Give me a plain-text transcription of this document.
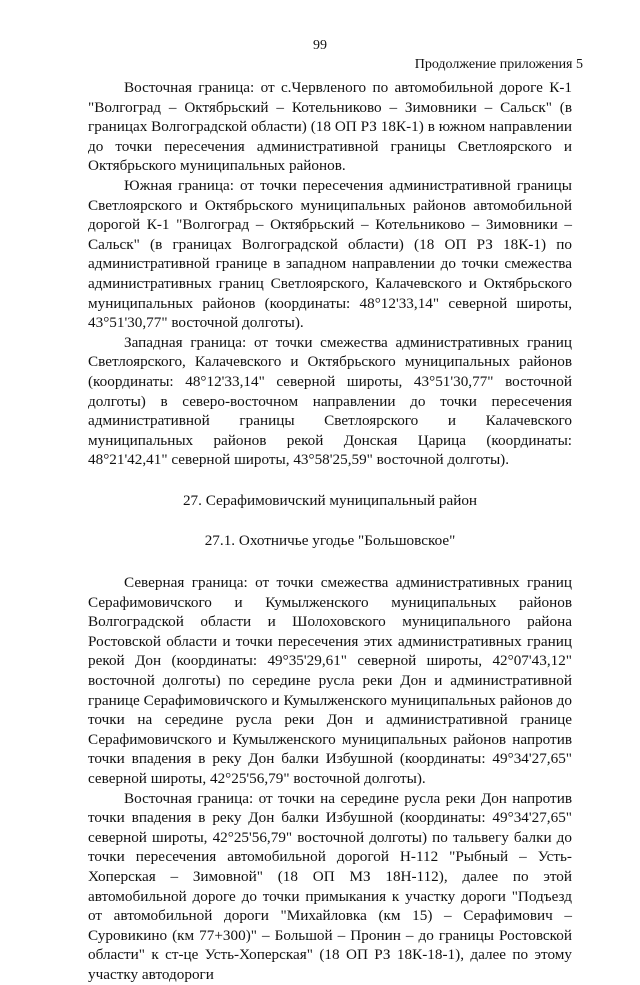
99
Продолжение приложения 5

Восточная граница: от с.Червленого по автомобильной дороге К-1 "Волгоград – Октябрьский – Котельниково – Зимовники – Сальск" (в границах Волгоградской области) (18 ОП РЗ 18К-1) в южном направлении до точки пересечения административной границы Светлоярского и Октябрьского муниципальных районов.

Южная граница: от точки пересечения административной границы Светлоярского и Октябрьского муниципальных районов автомобильной дорогой К-1 "Волгоград – Октябрьский – Котельниково – Зимовники – Сальск" (в границах Волгоградской области) (18 ОП РЗ 18К-1) по административной границе в западном направлении до точки смежества административных границ Светлоярского, Калачевского и Октябрьского муниципальных районов (координаты: 48°12'33,14" северной широты, 43°51'30,77" восточной долготы).

Западная граница: от точки смежества административных границ Светлоярского, Калачевского и Октябрьского муниципальных районов (координаты: 48°12'33,14" северной широты, 43°51'30,77" восточной долготы) в северо-восточном направлении до точки пересечения административной границы Светлоярского и Калачевского муниципальных районов рекой Донская Царица (координаты: 48°21'42,41" северной широты, 43°58'25,59" восточной долготы).

27. Серафимовичский муниципальный район

27.1. Охотничье угодье "Большовское"

Северная граница: от точки смежества административных границ Серафимовичского и Кумылженского муниципальных районов Волгоградской области и Шолоховского муниципального района Ростовской области и точки пересечения этих административных границ рекой Дон (координаты: 49°35'29,61" северной широты, 42°07'43,12" восточной долготы) по середине русла реки Дон и административной границе Серафимовичского и Кумылженского муниципальных районов до точки на середине русла реки Дон и административной границе Серафимовичского и Кумылженского муниципальных районов напротив точки впадения в реку Дон балки Избушной (координаты: 49°34'27,65" северной широты, 42°25'56,79" восточной долготы).

Восточная граница: от точки на середине русла реки Дон напротив точки впадения в реку Дон балки Избушной (координаты: 49°34'27,65" северной широты, 42°25'56,79" восточной долготы) по тальвегу балки до точки пересечения автомобильной дорогой Н-112 "Рыбный – Усть-Хоперская – Зимовной" (18 ОП МЗ 18Н-112), далее по этой автомобильной дороге до точки примыкания к участку дороги "Подъезд от автомобильной дороги "Михайловка (км 15) – Серафимович – Суровикино (км 77+300)" – Большой – Пронин – до границы Ростовской области" к ст-це Усть-Хоперская" (18 ОП РЗ 18К-18-1), далее по этому участку автодороги
